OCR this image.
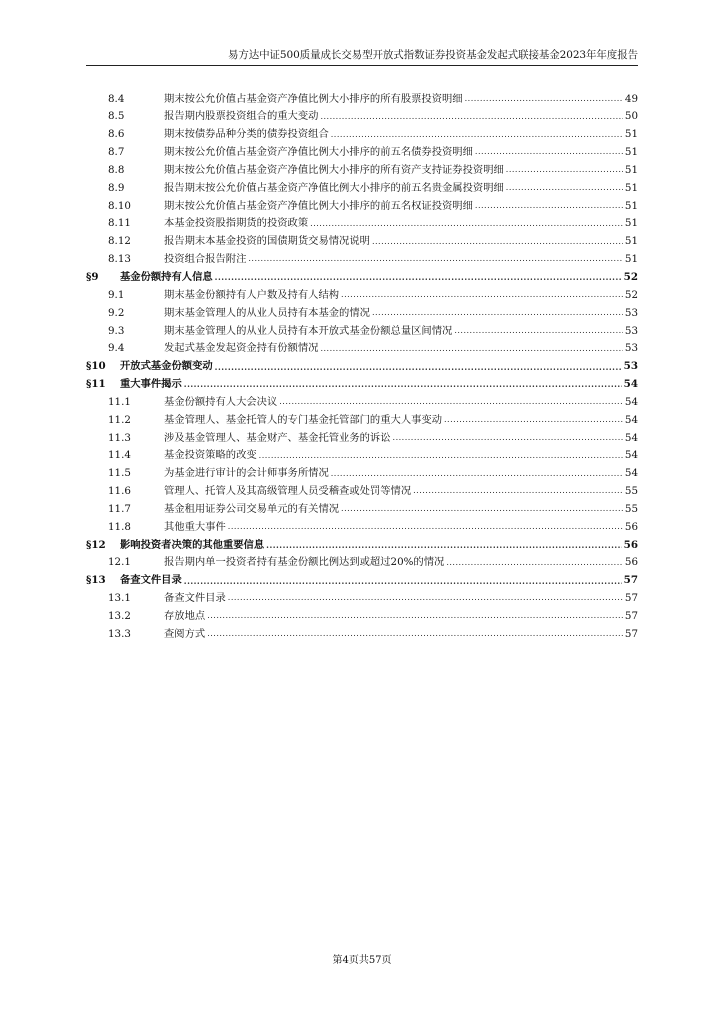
易方达中证500质量成长交易型开放式指数证券投资基金发起式联接基金2023年年度报告
8.4	期末按公允价值占基金资产净值比例大小排序的所有股票投资明细 .....	49
8.5	报告期内股票投资组合的重大变动 .....	50
8.6	期末按债券品种分类的债券投资组合 .....	51
8.7	期末按公允价值占基金资产净值比例大小排序的前五名债券投资明细 .....	51
8.8	期末按公允价值占基金资产净值比例大小排序的所有资产支持证券投资明细 .....	51
8.9	报告期末按公允价值占基金资产净值比例大小排序的前五名贵金属投资明细 .....	51
8.10	期末按公允价值占基金资产净值比例大小排序的前五名权证投资明细 .....	51
8.11	本基金投资股指期货的投资政策 .....	51
8.12	报告期末本基金投资的国债期货交易情况说明 .....	51
8.13	投资组合报告附注 .....	51
§9	基金份额持有人信息 .....	52
9.1	期末基金份额持有人户数及持有人结构 .....	52
9.2	期末基金管理人的从业人员持有本基金的情况 .....	53
9.3	期末基金管理人的从业人员持有本开放式基金份额总量区间情况 .....	53
9.4	发起式基金发起资金持有份额情况 .....	53
§10	开放式基金份额变动 .....	53
§11	重大事件揭示 .....	54
11.1	基金份额持有人大会决议 .....	54
11.2	基金管理人、基金托管人的专门基金托管部门的重大人事变动 .....	54
11.3	涉及基金管理人、基金财产、基金托管业务的诉讼 .....	54
11.4	基金投资策略的改变 .....	54
11.5	为基金进行审计的会计师事务所情况 .....	54
11.6	管理人、托管人及其高级管理人员受稽查或处罚等情况 .....	55
11.7	基金租用证券公司交易单元的有关情况 .....	55
11.8	其他重大事件 .....	56
§12	影响投资者决策的其他重要信息 .....	56
12.1	报告期内单一投资者持有基金份额比例达到或超过20%的情况 .....	56
§13	备查文件目录 .....	57
13.1	备查文件目录 .....	57
13.2	存放地点 .....	57
13.3	查阅方式 .....	57
第4页共57页
